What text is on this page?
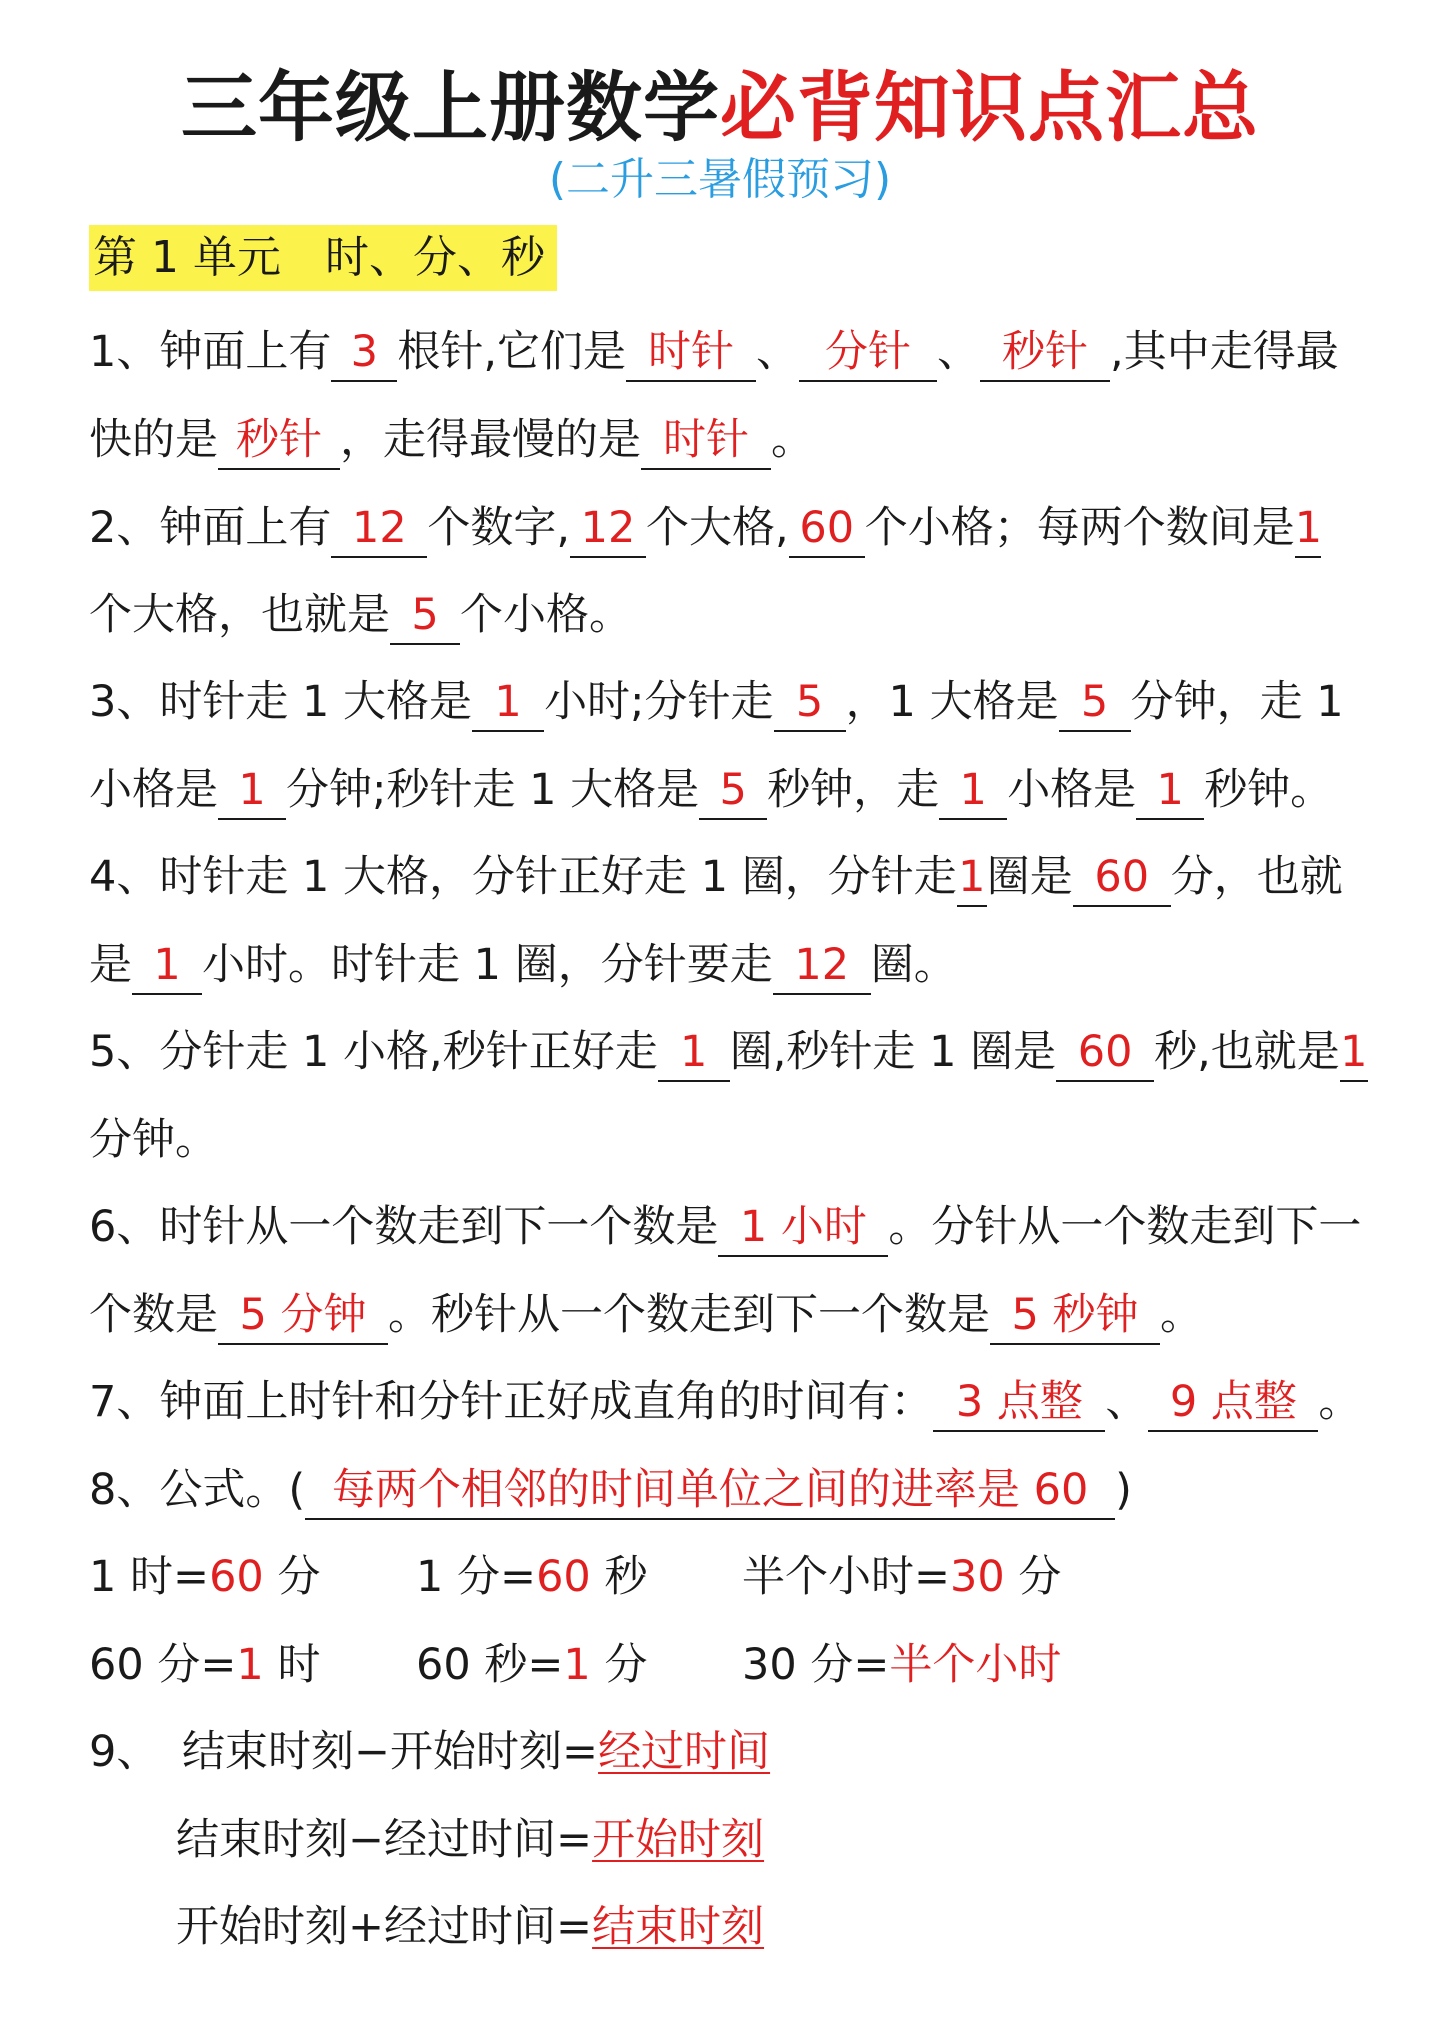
三年级上册数学必背知识点汇总
(二升三暑假预习)
第 1 单元　时、分、秒
1、钟面上有 3 根针,它们是 时针 、 分针 、 秒针 ,其中走得最
快的是 秒针 ，走得最慢的是 时针 。
2、钟面上有 12 个数字, 12 个大格, 60 个小格；每两个数间是1
个大格，也就是 5 个小格。
3、时针走 1 大格是 1 小时;分针走 5 ，1 大格是 5 分钟，走 1
小格是 1 分钟;秒针走 1 大格是 5 秒钟，走 1 小格是 1 秒钟。
4、时针走 1 大格，分针正好走 1 圈，分针走1圈是 60 分，也就
是 1 小时。时针走 1 圈，分针要走 12 圈。
5、分针走 1 小格,秒针正好走 1 圈,秒针走 1 圈是 60 秒,也就是1
分钟。
6、时针从一个数走到下一个数是 1 小时 。分针从一个数走到下一
个数是 5 分钟 。秒针从一个数走到下一个数是 5 秒钟 。
7、钟面上时针和分针正好成直角的时间有： 3 点整 、 9 点整 。
8、公式。( 每两个相邻的时间单位之间的进率是 60 )
1 时=60 分 1 分=60 秒 半个小时=30 分
60 分=1 时 60 秒=1 分 30 分=半个小时
9、 结束时刻−开始时刻=经过时间
结束时刻−经过时间=开始时刻
开始时刻+经过时间=结束时刻
